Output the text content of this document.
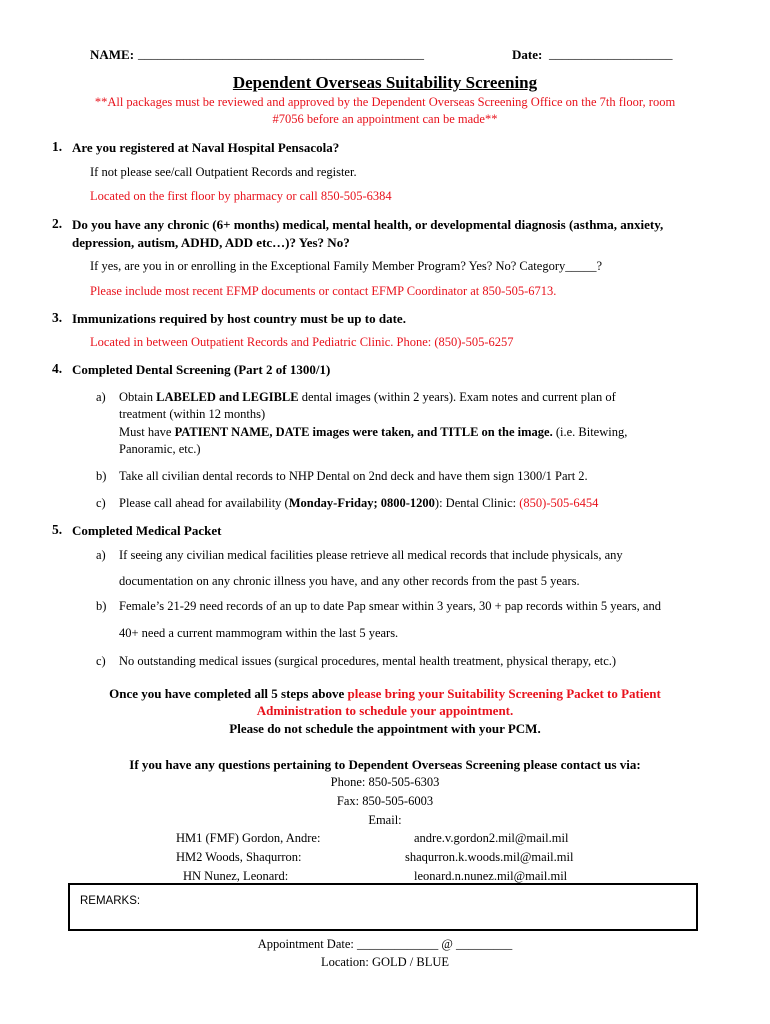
NAME: ____________________________________________	Date: ___________________
Dependent Overseas Suitability Screening
**All packages must be reviewed and approved by the Dependent Overseas Screening Office on the 7th floor, room
#7056 before an appointment can be made**
1. Are you registered at Naval Hospital Pensacola?
If not please see/call Outpatient Records and register.
Located on the first floor by pharmacy or call 850-505-6384
2. Do you have any chronic (6+ months) medical, mental health, or developmental diagnosis (asthma, anxiety,
depression, autism, ADHD, ADD etc…)? Yes? No?
If yes, are you in or enrolling in the Exceptional Family Member Program? Yes? No? Category_____?
Please include most recent EFMP documents or contact EFMP Coordinator at 850-505-6713.
3. Immunizations required by host country must be up to date.
Located in between Outpatient Records and Pediatric Clinic. Phone: (850)-505-6257
4. Completed Dental Screening (Part 2 of 1300/1)
a) Obtain LABELED and LEGIBLE dental images (within 2 years). Exam notes and current plan of
treatment (within 12 months)
Must have PATIENT NAME, DATE images were taken, and TITLE on the image. (i.e. Bitewing,
Panoramic, etc.)
b) Take all civilian dental records to NHP Dental on 2nd deck and have them sign 1300/1 Part 2.
c) Please call ahead for availability (Monday-Friday; 0800-1200): Dental Clinic: (850)-505-6454
5. Completed Medical Packet
a) If seeing any civilian medical facilities please retrieve all medical records that include physicals, any
documentation on any chronic illness you have, and any other records from the past 5 years.
b) Female’s 21-29 need records of an up to date Pap smear within 3 years, 30 + pap records within 5 years, and
40+ need a current mammogram within the last 5 years.
c) No outstanding medical issues (surgical procedures, mental health treatment, physical therapy, etc.)
Once you have completed all 5 steps above please bring your Suitability Screening Packet to Patient
Administration to schedule your appointment.
Please do not schedule the appointment with your PCM.
If you have any questions pertaining to Dependent Overseas Screening please contact us via:
Phone: 850-505-6303
Fax: 850-505-6003
Email:
HM1 (FMF) Gordon, Andre:	andre.v.gordon2.mil@mail.mil
HM2 Woods, Shaqurron:	shaqurron.k.woods.mil@mail.mil
HN Nunez, Leonard:	leonard.n.nunez.mil@mail.mil
REMARKS:
Appointment Date: _____________ @ _________
Location: GOLD / BLUE
